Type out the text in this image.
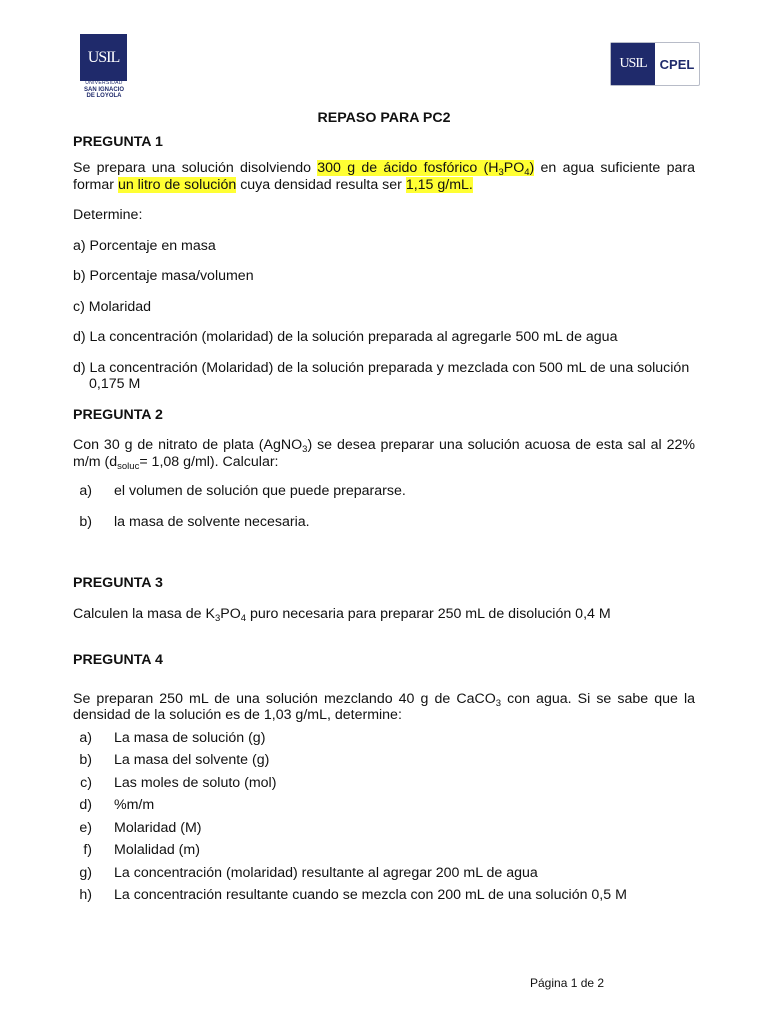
USIL
UNIVERSIDAD
SAN IGNACIO
DE LOYOLA
USIL	CPEL

REPASO PARA PC2

PREGUNTA 1

Se prepara una solución disolviendo 300 g de ácido fosfórico $(H_3PO_4)$ en agua suficiente para formar un litro de solución cuya densidad resulta ser 1,15 g/mL.

Determine:

a) Porcentaje en masa

b) Porcentaje masa/volumen

c) Molaridad

d) La concentración (molaridad) de la solución preparada al agregarle 500 mL de agua

d) La concentración (Molaridad) de la solución preparada y mezclada con 500 mL de una solución 0,175 M

PREGUNTA 2

Con 30 g de nitrato de plata (AgNO$_3$) se desea preparar una solución acuosa de esta sal al 22% m/m ($d_{soluc}= 1,08$ g/ml). Calcular:

a) el volumen de solución que puede prepararse.
b) la masa de solvente necesaria.

PREGUNTA 3

Calculen la masa de $K_3PO_4$ puro necesaria para preparar 250 mL de disolución 0,4 M

PREGUNTA 4

Se preparan 250 mL de una solución mezclando 40 g de CaCO$_3$ con agua. Si se sabe que la densidad de la solución es de 1,03 g/mL, determine:

a) La masa de solución (g)
b) La masa del solvente (g)
c) Las moles de soluto (mol)
d) %m/m
e) Molaridad (M)
f) Molalidad (m)
g) La concentración (molaridad) resultante al agregar 200 mL de agua
h) La concentración resultante cuando se mezcla con 200 mL de una solución 0,5 M
Página 1 de 2
